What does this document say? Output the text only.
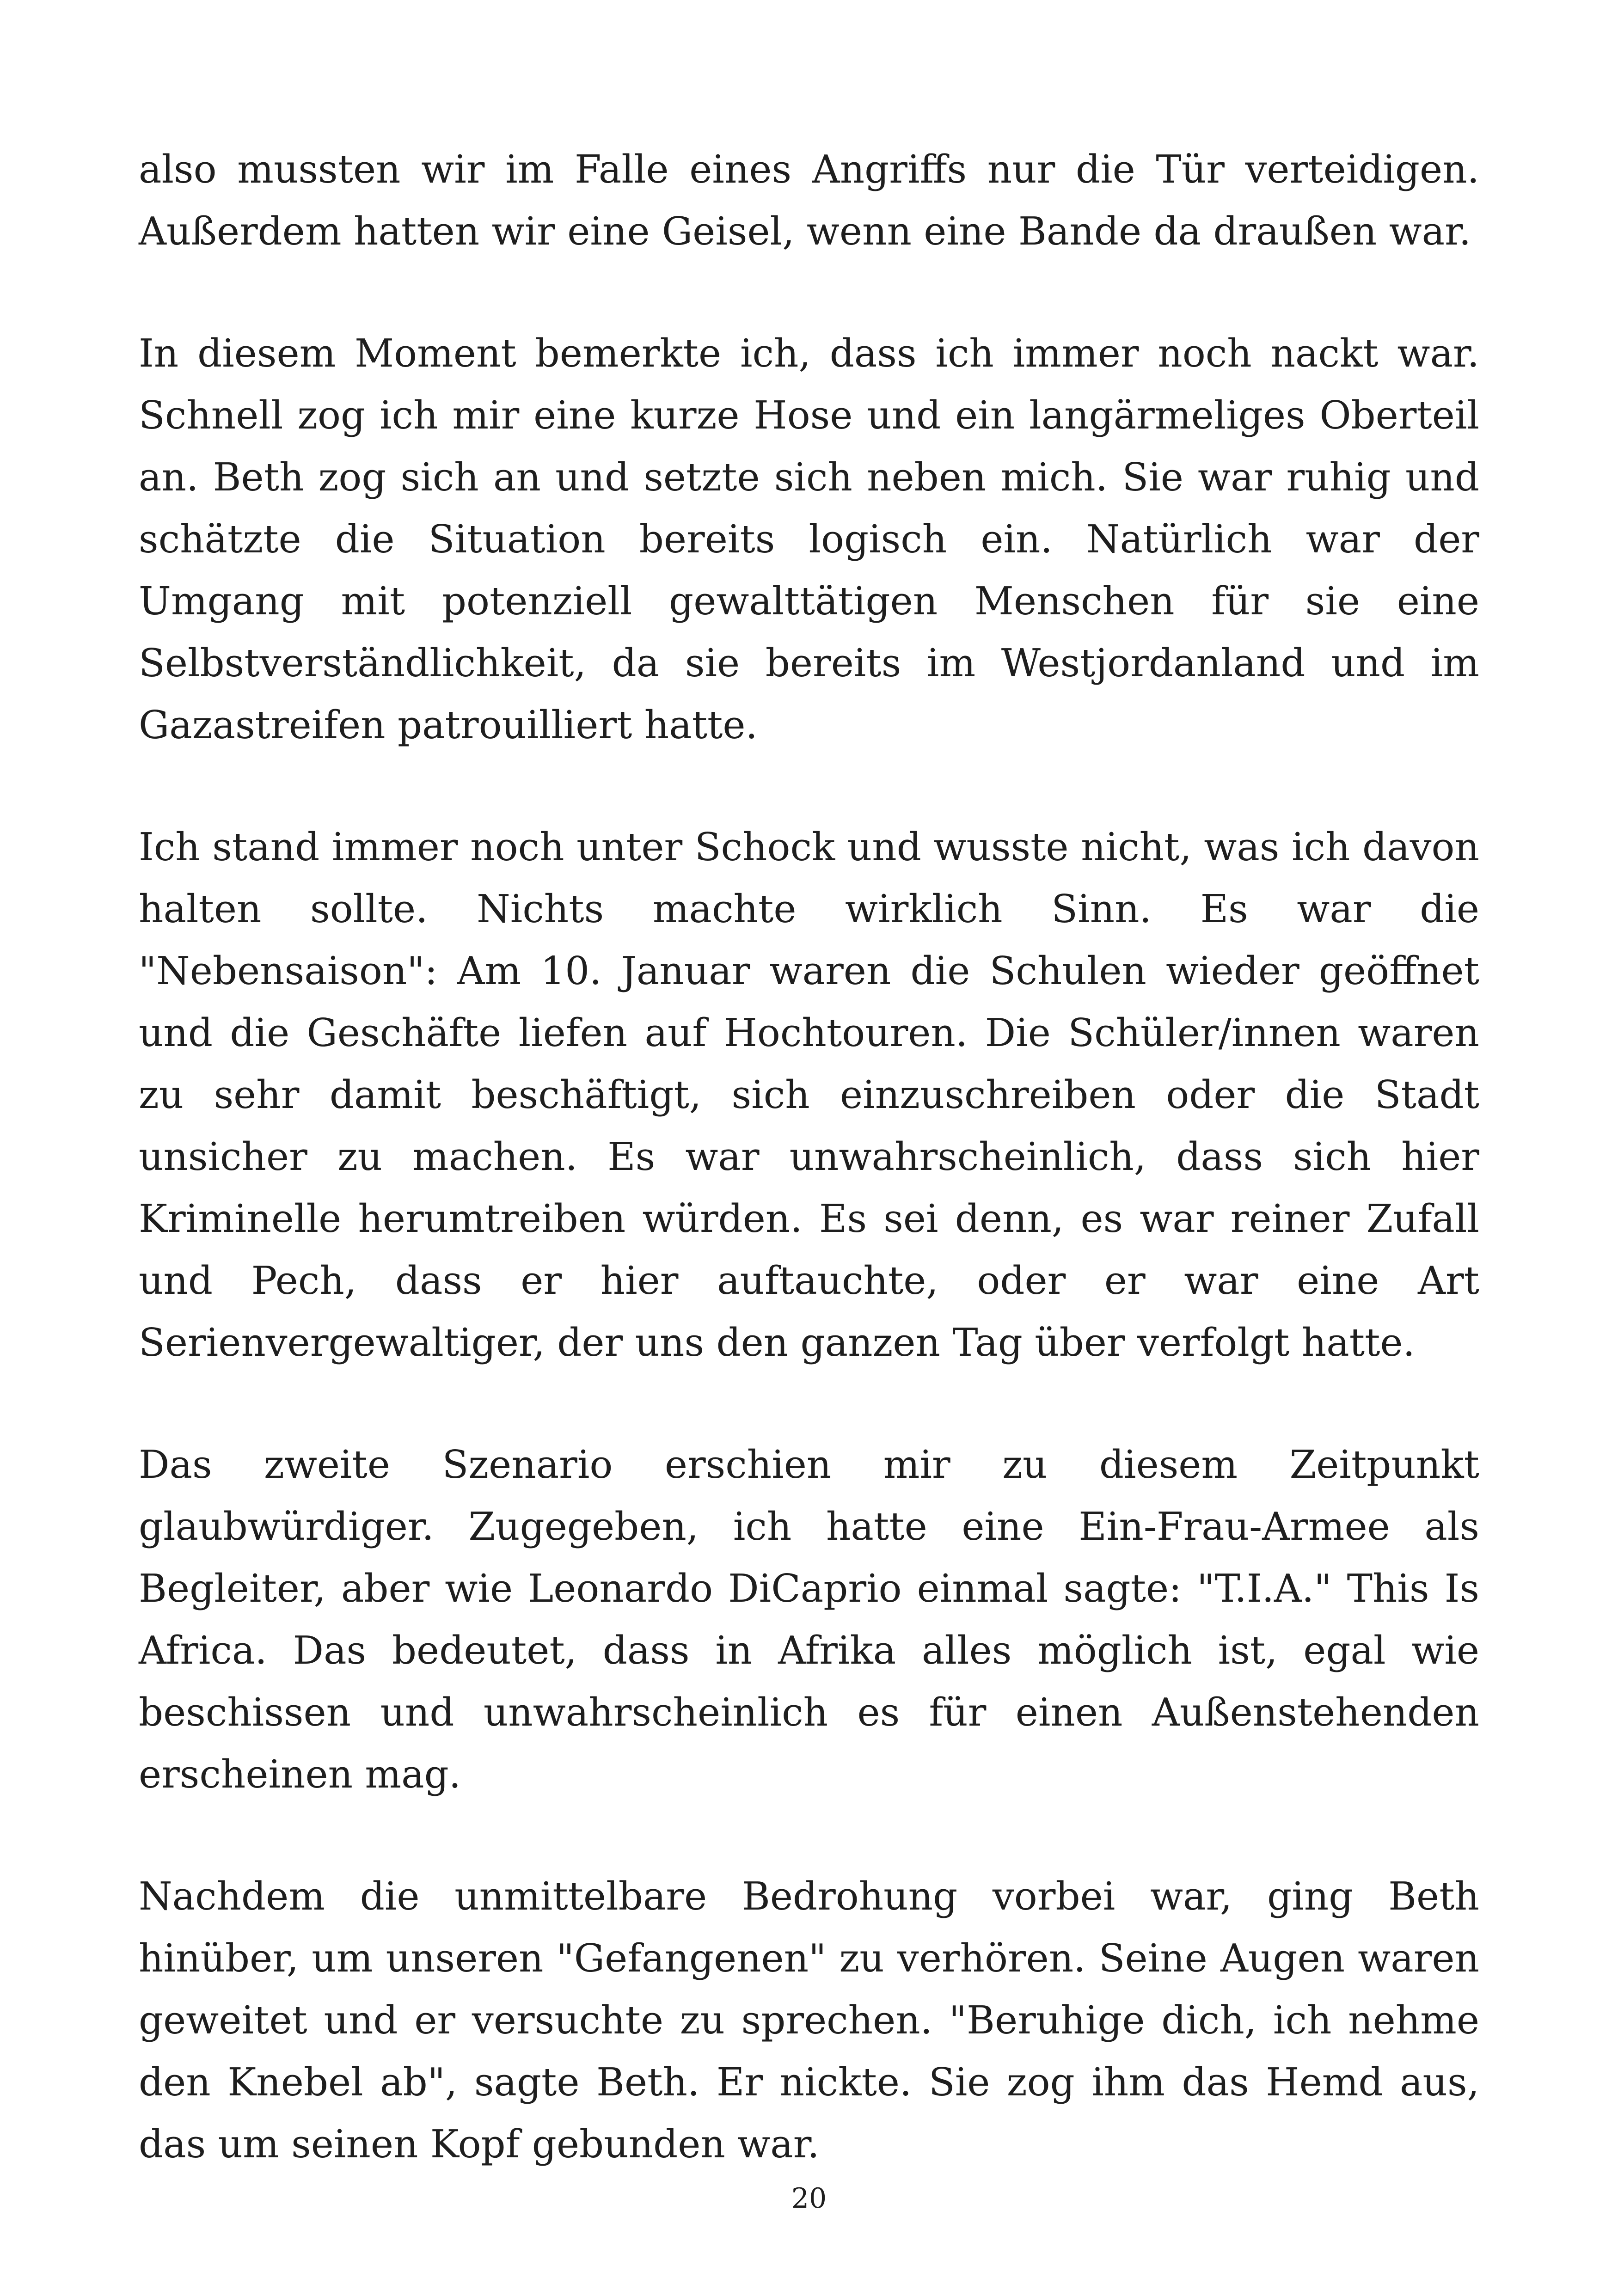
also mussten wir im Falle eines Angriffs nur die Tür verteidigen. Außerdem hatten wir eine Geisel, wenn eine Bande da draußen war.

In diesem Moment bemerkte ich, dass ich immer noch nackt war. Schnell zog ich mir eine kurze Hose und ein langärmeliges Oberteil an. Beth zog sich an und setzte sich neben mich. Sie war ruhig und schätzte die Situation bereits logisch ein. Natürlich war der Umgang mit potenziell gewalttätigen Menschen für sie eine Selbstverständlichkeit, da sie bereits im Westjordanland und im Gazastreifen patrouilliert hatte.

Ich stand immer noch unter Schock und wusste nicht, was ich davon halten sollte. Nichts machte wirklich Sinn. Es war die "Nebensaison": Am 10. Januar waren die Schulen wieder geöffnet und die Geschäfte liefen auf Hochtouren. Die Schüler/innen waren zu sehr damit beschäftigt, sich einzuschreiben oder die Stadt unsicher zu machen. Es war unwahrscheinlich, dass sich hier Kriminelle herumtreiben würden. Es sei denn, es war reiner Zufall und Pech, dass er hier auftauchte, oder er war eine Art Serienvergewaltiger, der uns den ganzen Tag über verfolgt hatte.

Das zweite Szenario erschien mir zu diesem Zeitpunkt glaubwürdiger. Zugegeben, ich hatte eine Ein-Frau-Armee als Begleiter, aber wie Leonardo DiCaprio einmal sagte: "T.I.A." This Is Africa. Das bedeutet, dass in Afrika alles möglich ist, egal wie beschissen und unwahrscheinlich es für einen Außenstehenden erscheinen mag.

Nachdem die unmittelbare Bedrohung vorbei war, ging Beth hinüber, um unseren "Gefangenen" zu verhören. Seine Augen waren geweitet und er versuchte zu sprechen. "Beruhige dich, ich nehme den Knebel ab", sagte Beth. Er nickte. Sie zog ihm das Hemd aus, das um seinen Kopf gebunden war.

20
